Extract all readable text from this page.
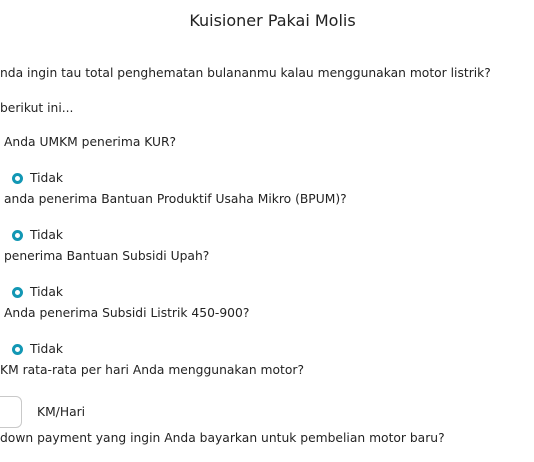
Kuisioner Pakai Molis
nda ingin tau total penghematan bulananmu kalau menggunakan motor listrik?
berikut ini...
Anda UMKM penerima KUR?
Tidak
anda penerima Bantuan Produktif Usaha Mikro (BPUM)?
Tidak
penerima Bantuan Subsidi Upah?
Tidak
Anda penerima Subsidi Listrik 450-900?
Tidak
KM rata-rata per hari Anda menggunakan motor?
KM/Hari
down payment yang ingin Anda bayarkan untuk pembelian motor baru?
